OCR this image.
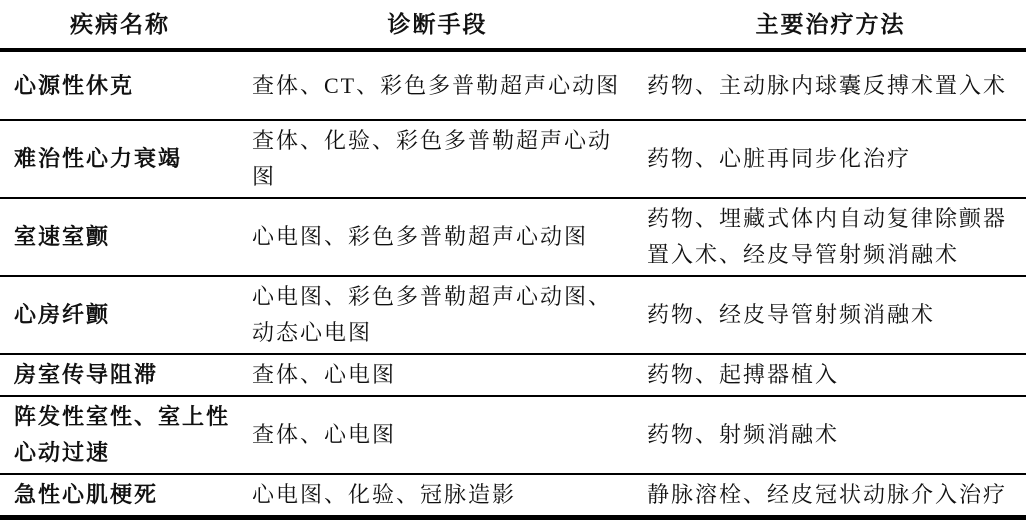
疾病名称	诊断手段	主要治疗方法
心源性休克	查体、CT、彩色多普勒超声心动图	药物、主动脉内球囊反搏术置入术
难治性心力衰竭	查体、化验、彩色多普勒超声心动图	药物、心脏再同步化治疗
室速室颤	心电图、彩色多普勒超声心动图	药物、埋藏式体内自动复律除颤器置入术、经皮导管射频消融术
心房纤颤	心电图、彩色多普勒超声心动图、动态心电图	药物、经皮导管射频消融术
房室传导阻滞	查体、心电图	药物、起搏器植入
阵发性室性、室上性心动过速	查体、心电图	药物、射频消融术
急性心肌梗死	心电图、化验、冠脉造影	静脉溶栓、经皮冠状动脉介入治疗
